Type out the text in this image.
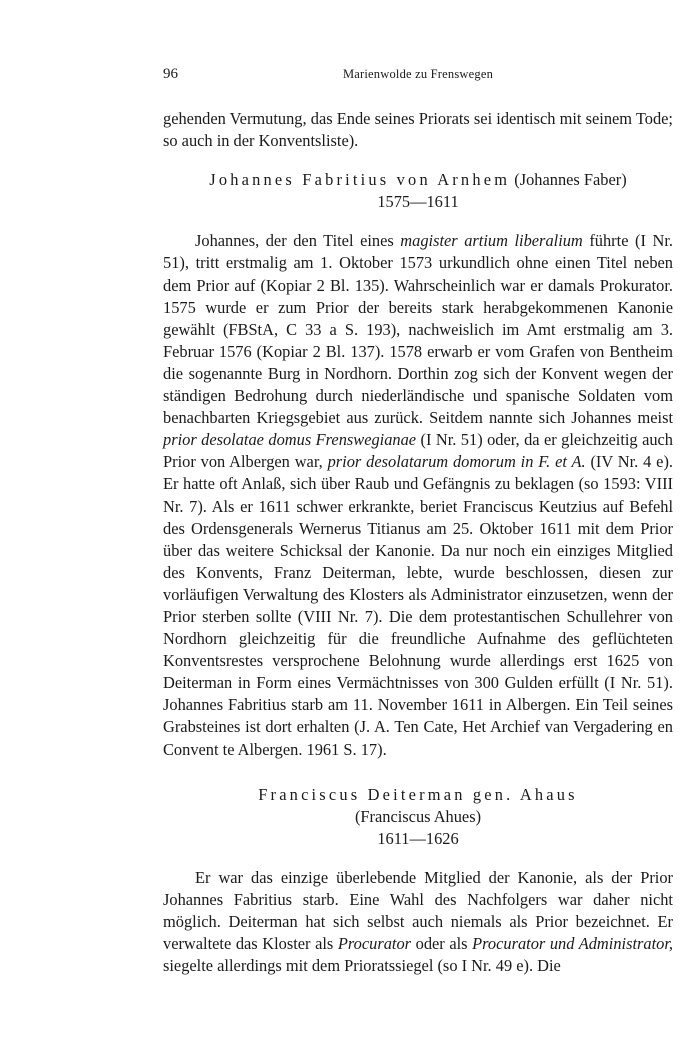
96	Marienwolde zu Frenswegen

gehenden Vermutung, das Ende seines Priorats sei identisch mit seinem Tode; so auch in der Konventsliste).

Johannes Fabritius von Arnhem (Johannes Faber)
1575—1611

Johannes, der den Titel eines magister artium liberalium führte (I Nr. 51), tritt erstmalig am 1. Oktober 1573 urkundlich ohne einen Titel neben dem Prior auf (Kopiar 2 Bl. 135). Wahrscheinlich war er damals Prokurator. 1575 wurde er zum Prior der bereits stark herabgekommenen Kanonie gewählt (FBStA, C 33 a S. 193), nachweislich im Amt erstmalig am 3. Februar 1576 (Kopiar 2 Bl. 137). 1578 erwarb er vom Grafen von Bentheim die sogenannte Burg in Nordhorn. Dorthin zog sich der Konvent wegen der ständigen Bedrohung durch niederländische und spanische Soldaten vom benachbarten Kriegsgebiet aus zurück. Seitdem nannte sich Johannes meist prior desolatae domus Frenswegianae (I Nr. 51) oder, da er gleichzeitig auch Prior von Albergen war, prior desolatarum domorum in F. et A. (IV Nr. 4 e). Er hatte oft Anlaß, sich über Raub und Gefängnis zu beklagen (so 1593: VIII Nr. 7). Als er 1611 schwer erkrankte, beriet Franciscus Keutzius auf Befehl des Ordensgenerals Wernerus Titianus am 25. Oktober 1611 mit dem Prior über das weitere Schicksal der Kanonie. Da nur noch ein einziges Mitglied des Konvents, Franz Deiterman, lebte, wurde beschlossen, diesen zur vorläufigen Verwaltung des Klosters als Administrator einzusetzen, wenn der Prior sterben sollte (VIII Nr. 7). Die dem protestantischen Schullehrer von Nordhorn gleichzeitig für die freundliche Aufnahme des geflüchteten Konventsrestes versprochene Belohnung wurde allerdings erst 1625 von Deiterman in Form eines Vermächtnisses von 300 Gulden erfüllt (I Nr. 51). Johannes Fabritius starb am 11. November 1611 in Albergen. Ein Teil seines Grabsteines ist dort erhalten (J. A. Ten Cate, Het Archief van Vergadering en Convent te Albergen. 1961 S. 17).

Franciscus Deiterman gen. Ahaus
(Franciscus Ahues)
1611—1626

Er war das einzige überlebende Mitglied der Kanonie, als der Prior Johannes Fabritius starb. Eine Wahl des Nachfolgers war daher nicht möglich. Deiterman hat sich selbst auch niemals als Prior bezeichnet. Er verwaltete das Kloster als Procurator oder als Procurator und Administrator, siegelte allerdings mit dem Prioratssiegel (so I Nr. 49 e). Die
